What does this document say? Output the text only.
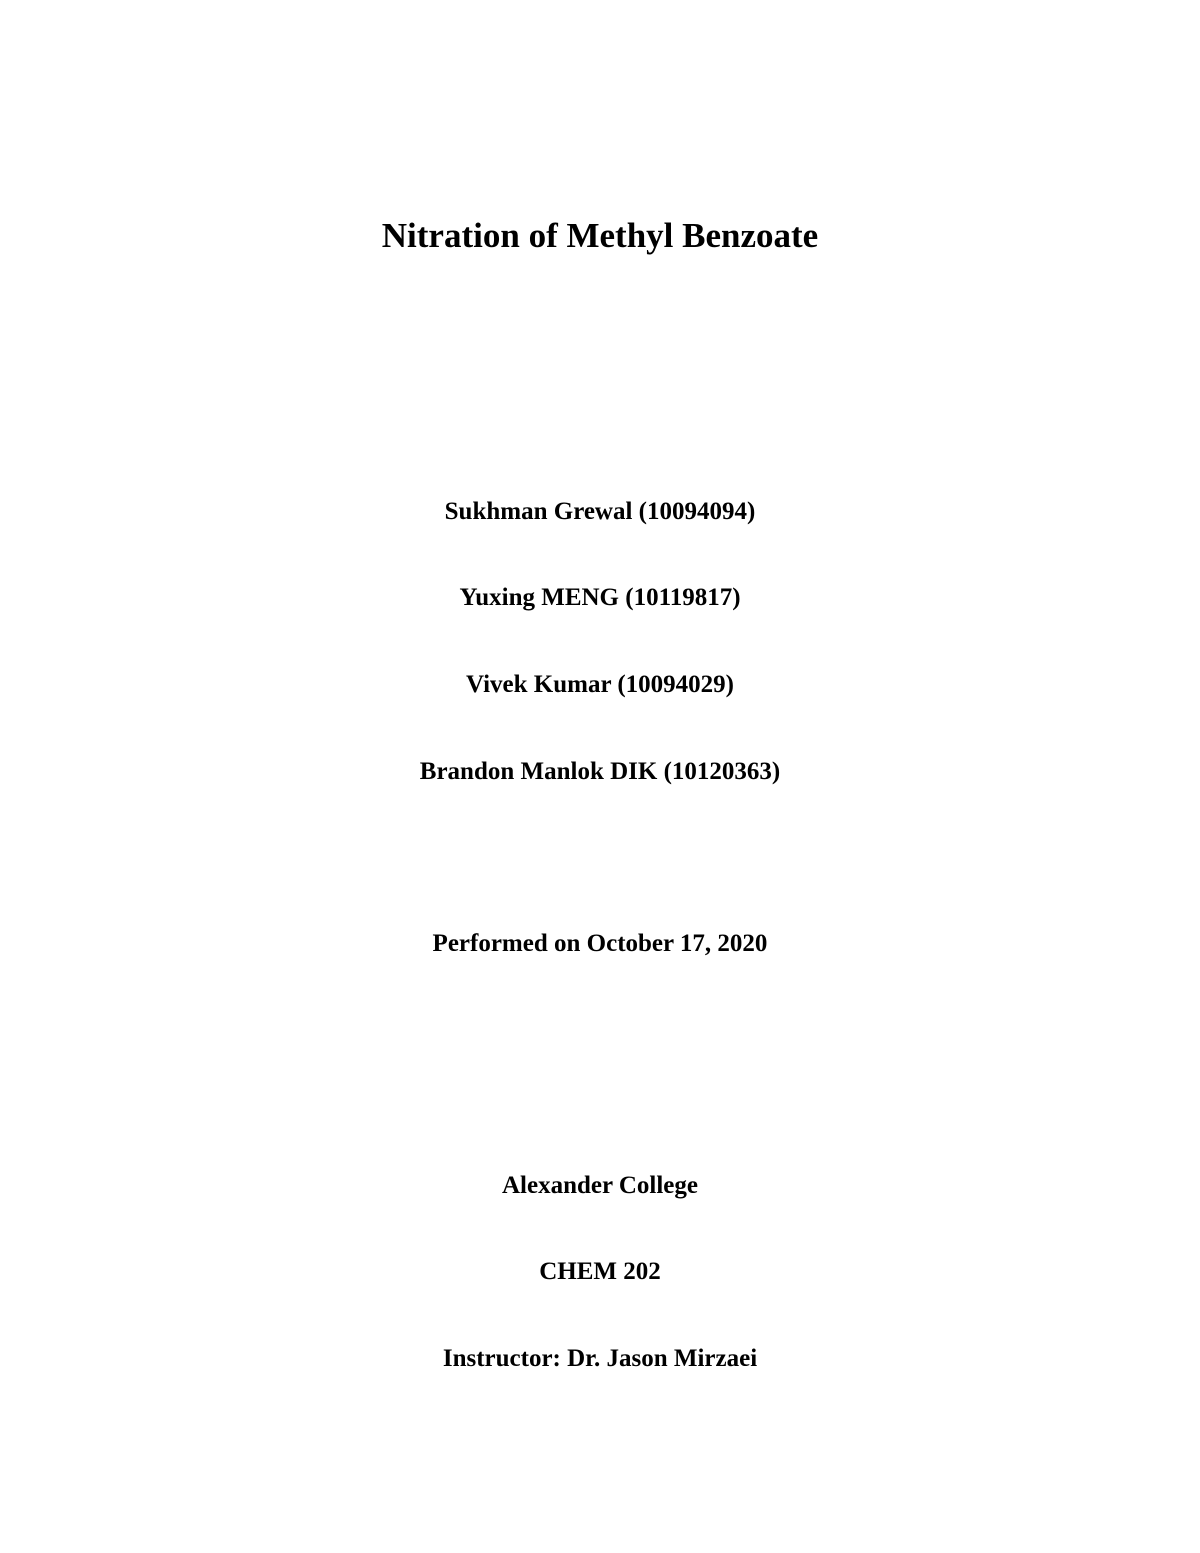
Nitration of Methyl Benzoate
Sukhman Grewal (10094094)
Yuxing MENG (10119817)
Vivek Kumar (10094029)
Brandon Manlok DIK (10120363)
Performed on October 17, 2020
Alexander College
CHEM 202
Instructor: Dr. Jason Mirzaei
